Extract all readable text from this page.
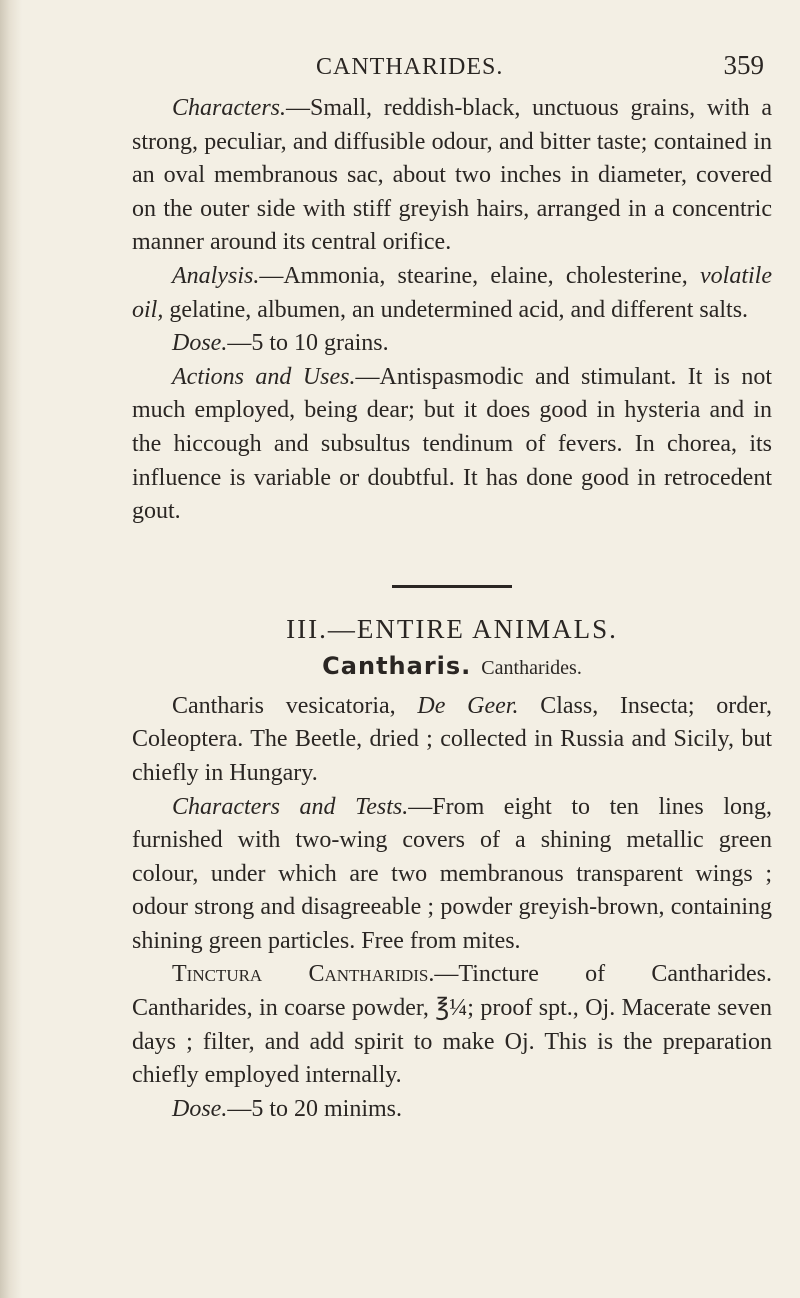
CANTHARIDES.	359

Characters.—Small, reddish-black, unctuous grains, with a strong, peculiar, and diffusible odour, and bitter taste; contained in an oval membranous sac, about two inches in diameter, covered on the outer side with stiff greyish hairs, arranged in a concentric manner around its central orifice.

Analysis.—Ammonia, stearine, elaine, cholesterine, volatile oil, gelatine, albumen, an undetermined acid, and different salts.

Dose.—5 to 10 grains.

Actions and Uses.—Antispasmodic and stimulant. It is not much employed, being dear; but it does good in hysteria and in the hiccough and subsultus tendinum of fevers. In chorea, its influence is variable or doubtful. It has done good in retrocedent gout.

III.—ENTIRE ANIMALS.
Cantharis. Cantharides.

Cantharis vesicatoria, De Geer. Class, Insecta; order, Coleoptera. The Beetle, dried ; collected in Russia and Sicily, but chiefly in Hungary.

Characters and Tests.—From eight to ten lines long, furnished with two-wing covers of a shining metallic green colour, under which are two membranous transparent wings ; odour strong and disagreeable ; powder greyish-brown, containing shining green particles. Free from mites.

Tinctura Cantharidis.—Tincture of Cantharides. Cantharides, in coarse powder, ℥¼; proof spt., Oj. Macerate seven days ; filter, and add spirit to make Oj. This is the preparation chiefly employed internally.

Dose.—5 to 20 minims.
